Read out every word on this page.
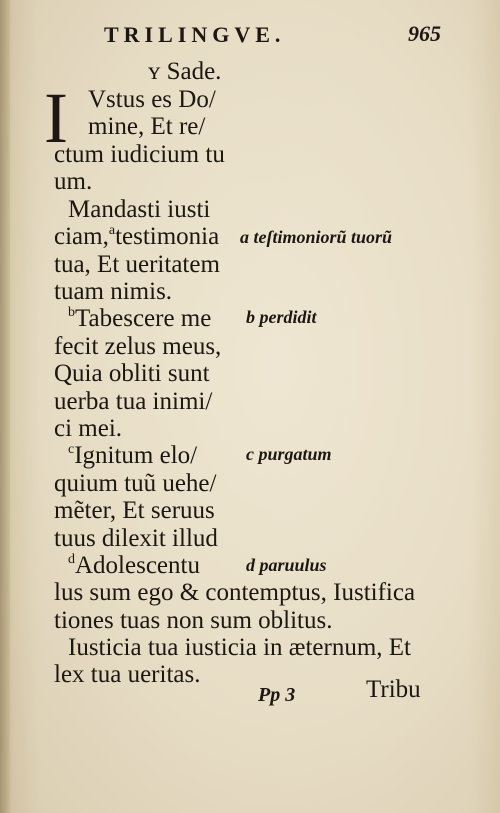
TRILINGVE.	965
ʏ Sade.
I Vstus es Do/
mine, Et re/
ctum iudicium tu
um.
Mandasti iusti
ciam,$^a$testimonia
tua, Et ueritatem
tuam nimis.
$^b$Tabescere me
fecit zelus meus,
Quia obliti sunt
uerba tua inimi/
ci mei.
$^c$Ignitum elo/
quium tuũ uehe/
mẽter, Et seruus
tuus dilexit illud
$^d$Adolescentu
lus sum ego & contemptus, Iustifica
tiones tuas non sum oblitus.
Iusticia tua iusticia in æternum, Et
lex tua ueritas.
a teſtimoniorũ tuorũ
b perdidit
c purgatum
d paruulus
Pp 3	Tribu
